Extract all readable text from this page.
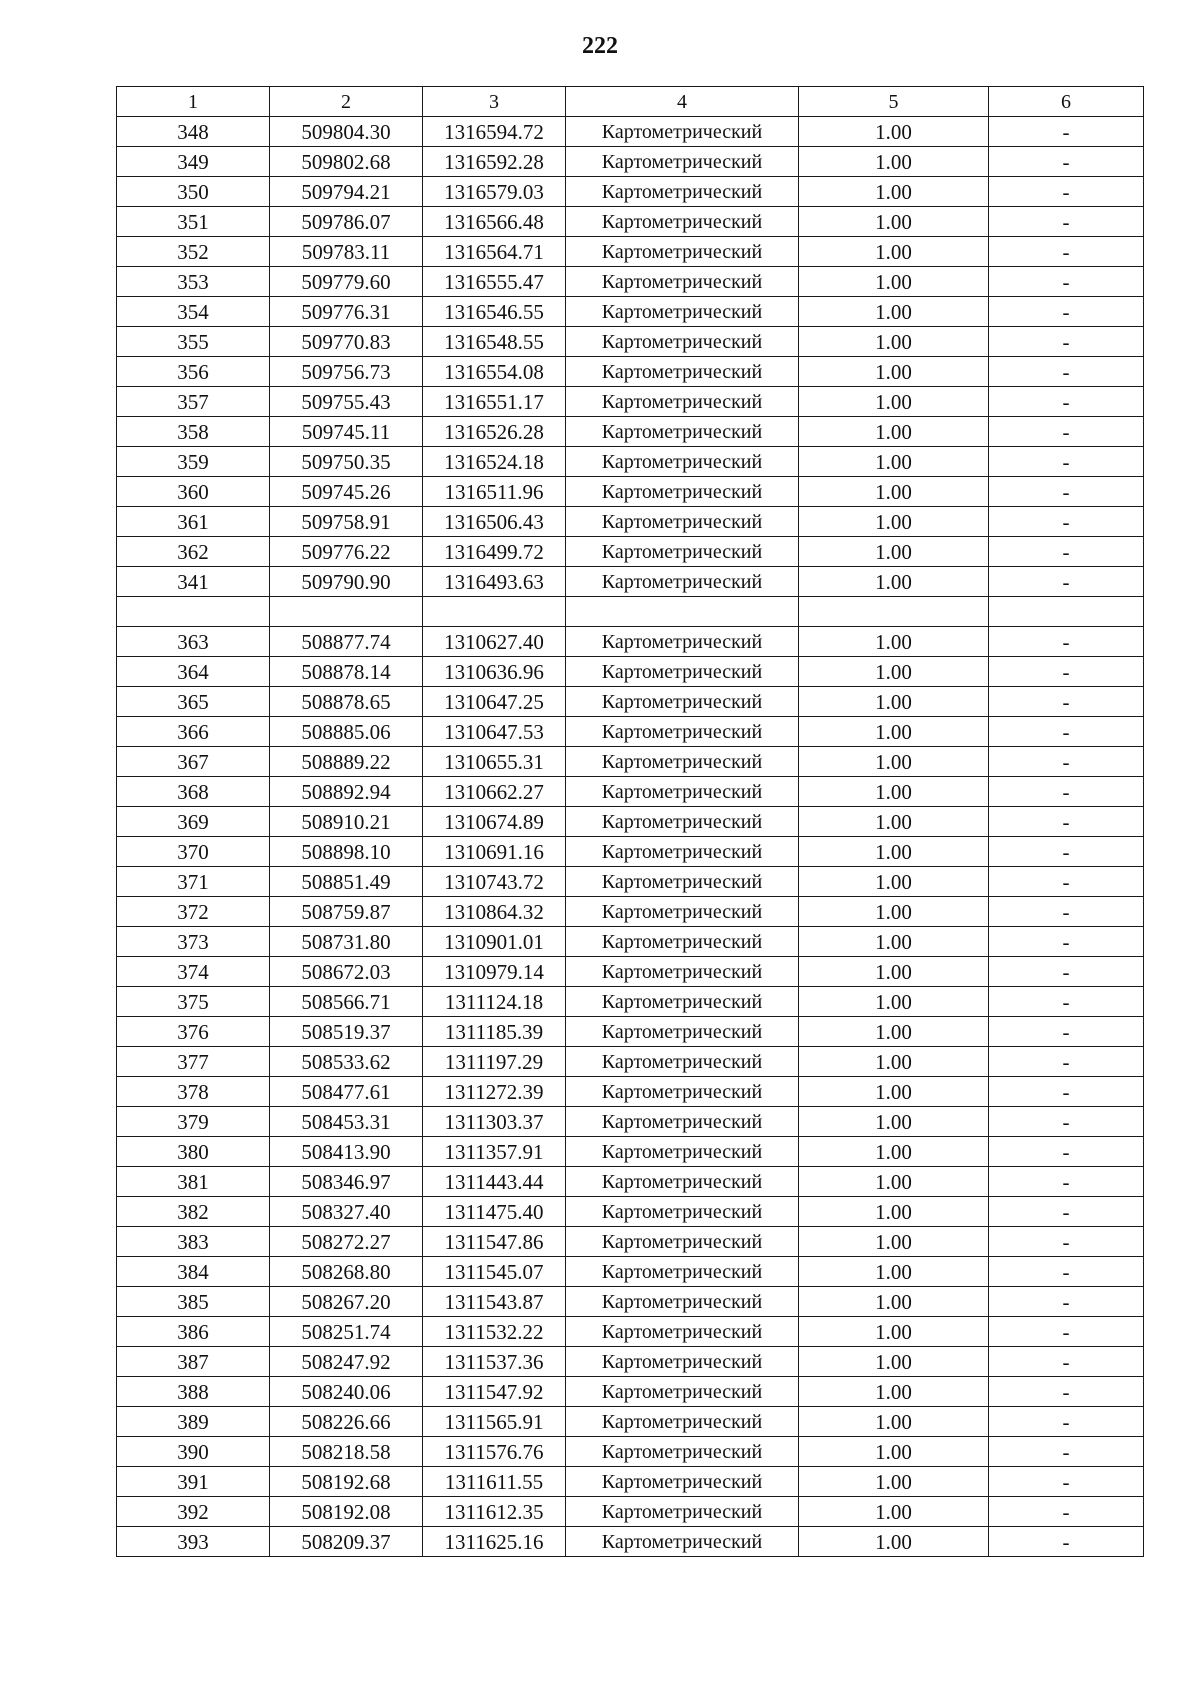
222
1	2	3	4	5	6
348	509804.30	1316594.72	Картометрический	1.00	-
349	509802.68	1316592.28	Картометрический	1.00	-
350	509794.21	1316579.03	Картометрический	1.00	-
351	509786.07	1316566.48	Картометрический	1.00	-
352	509783.11	1316564.71	Картометрический	1.00	-
353	509779.60	1316555.47	Картометрический	1.00	-
354	509776.31	1316546.55	Картометрический	1.00	-
355	509770.83	1316548.55	Картометрический	1.00	-
356	509756.73	1316554.08	Картометрический	1.00	-
357	509755.43	1316551.17	Картометрический	1.00	-
358	509745.11	1316526.28	Картометрический	1.00	-
359	509750.35	1316524.18	Картометрический	1.00	-
360	509745.26	1316511.96	Картометрический	1.00	-
361	509758.91	1316506.43	Картометрический	1.00	-
362	509776.22	1316499.72	Картометрический	1.00	-
341	509790.90	1316493.63	Картометрический	1.00	-

363	508877.74	1310627.40	Картометрический	1.00	-
364	508878.14	1310636.96	Картометрический	1.00	-
365	508878.65	1310647.25	Картометрический	1.00	-
366	508885.06	1310647.53	Картометрический	1.00	-
367	508889.22	1310655.31	Картометрический	1.00	-
368	508892.94	1310662.27	Картометрический	1.00	-
369	508910.21	1310674.89	Картометрический	1.00	-
370	508898.10	1310691.16	Картометрический	1.00	-
371	508851.49	1310743.72	Картометрический	1.00	-
372	508759.87	1310864.32	Картометрический	1.00	-
373	508731.80	1310901.01	Картометрический	1.00	-
374	508672.03	1310979.14	Картометрический	1.00	-
375	508566.71	1311124.18	Картометрический	1.00	-
376	508519.37	1311185.39	Картометрический	1.00	-
377	508533.62	1311197.29	Картометрический	1.00	-
378	508477.61	1311272.39	Картометрический	1.00	-
379	508453.31	1311303.37	Картометрический	1.00	-
380	508413.90	1311357.91	Картометрический	1.00	-
381	508346.97	1311443.44	Картометрический	1.00	-
382	508327.40	1311475.40	Картометрический	1.00	-
383	508272.27	1311547.86	Картометрический	1.00	-
384	508268.80	1311545.07	Картометрический	1.00	-
385	508267.20	1311543.87	Картометрический	1.00	-
386	508251.74	1311532.22	Картометрический	1.00	-
387	508247.92	1311537.36	Картометрический	1.00	-
388	508240.06	1311547.92	Картометрический	1.00	-
389	508226.66	1311565.91	Картометрический	1.00	-
390	508218.58	1311576.76	Картометрический	1.00	-
391	508192.68	1311611.55	Картометрический	1.00	-
392	508192.08	1311612.35	Картометрический	1.00	-
393	508209.37	1311625.16	Картометрический	1.00	-
